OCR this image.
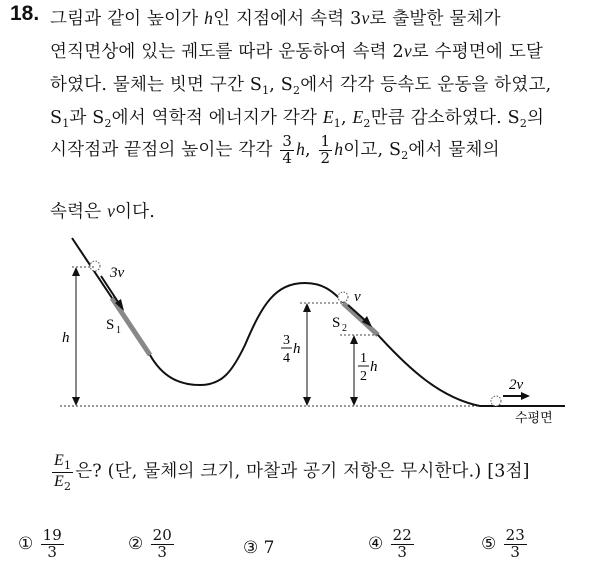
18. 그림과 같이 높이가 h인 지점에서 속력 3v로 출발한 물체가
연직면상에 있는 궤도를 따라 운동하여 속력 2v로 수평면에 도달
하였다. 물체는 빗면 구간 $S_1$, $S_2$에서 각각 등속도 운동을 하였고,
$S_1$과 $S_2$에서 역학적 에너지가 각각 $E_1$, $E_2$만큼 감소하였다. $S_2$의
시작점과 끝점의 높이는 각각 $\frac{3}{4} h$, $\frac{1}{2}$ h이고, $S_2$에서 물체의
속력은 v이다.
3v
h
S 1
v
S 2
3
4
h
1
2
h
2v
수평면
$\frac{E_1}{E_2}$ 은? (단, 물체의 크기, 마찰과 공기 저항은 무시한다.) [3점]
① $\frac{19}{3}$	② $\frac{20}{3}$	③ 7	④ $\frac{22}{3}$	⑤ $\frac{23}{3}$
